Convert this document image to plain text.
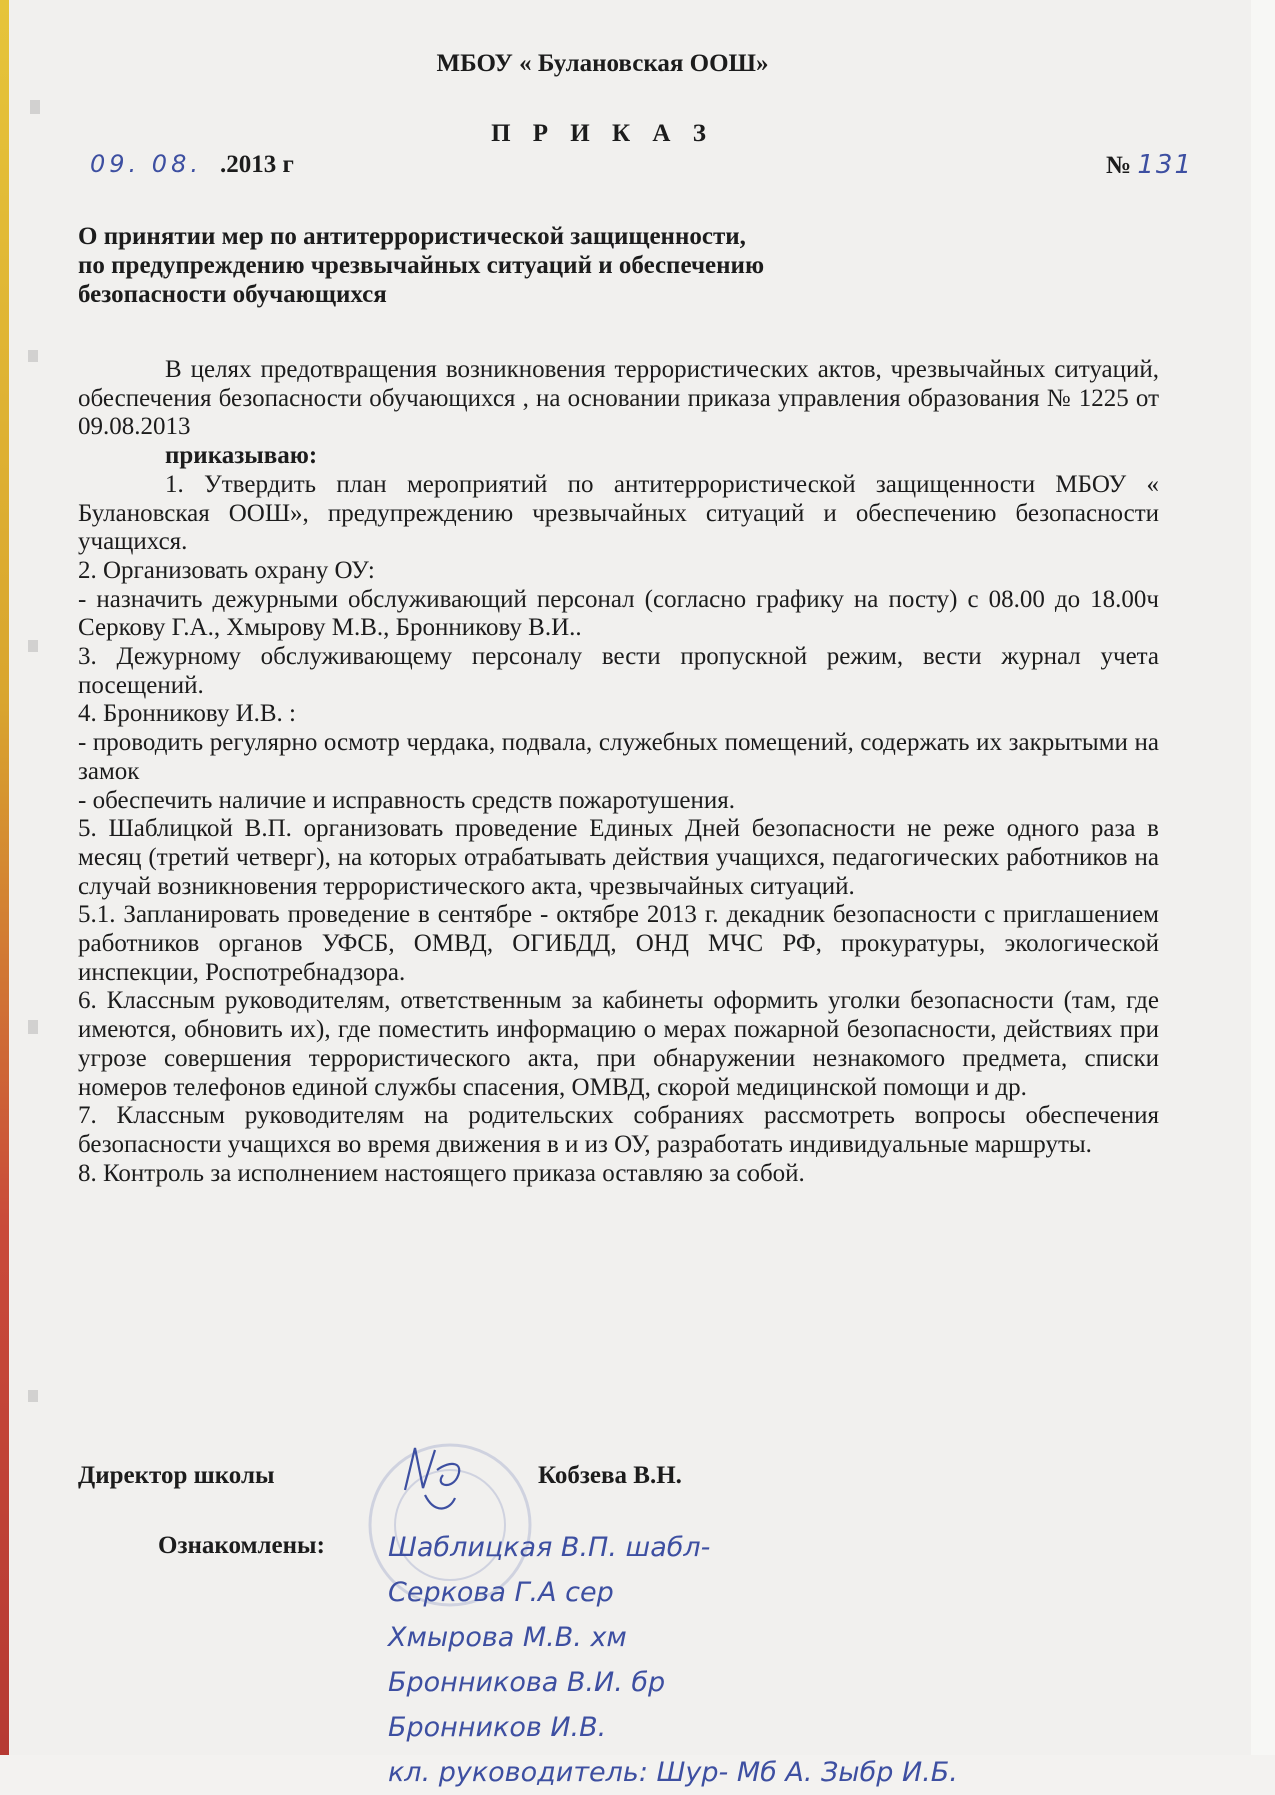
МБОУ « Булановская ООШ»
П Р И К А З
09. 08. .2013 г	№ 131
О принятии мер по антитеррористической защищенности,
по предупреждению чрезвычайных ситуаций и обеспечению
безопасности обучающихся

В целях предотвращения возникновения террористических актов, чрезвычайных ситуаций, обеспечения безопасности обучающихся , на основании приказа управления образования № 1225 от 09.08.2013

приказываю:

1. Утвердить план мероприятий по антитеррористической защищенности МБОУ « Булановская ООШ», предупреждению чрезвычайных ситуаций и обеспечению безопасности учащихся.

2. Организовать охрану ОУ:

- назначить дежурными обслуживающий персонал (согласно графику на посту) с 08.00 до 18.00ч Серкову Г.А., Хмырову М.В., Бронникову В.И..

3. Дежурному обслуживающему персоналу вести пропускной режим, вести журнал учета посещений.

4. Бронникову И.В. :

- проводить регулярно осмотр чердака, подвала, служебных помещений, содержать их закрытыми на замок

- обеспечить наличие и исправность средств пожаротушения.

5. Шаблицкой В.П. организовать проведение Единых Дней безопасности не реже одного раза в месяц (третий четверг), на которых отрабатывать действия учащихся, педагогических работников на случай возникновения террористического акта, чрезвычайных ситуаций.

5.1. Запланировать проведение в сентябре - октябре 2013 г. декадник безопасности с приглашением работников органов УФСБ, ОМВД, ОГИБДД, ОНД МЧС РФ, прокуратуры, экологической инспекции, Роспотребнадзора.

6. Классным руководителям, ответственным за кабинеты оформить уголки безопасности (там, где имеются, обновить их), где поместить информацию о мерах пожарной безопасности, действиях при угрозе совершения террористического акта, при обнаружении незнакомого предмета, списки номеров телефонов единой службы спасения, ОМВД, скорой медицинской помощи и др.

7. Классным руководителям на родительских собраниях рассмотреть вопросы обеспечения безопасности учащихся во время движения в и из ОУ, разработать индивидуальные маршруты.

8. Контроль за исполнением настоящего приказа оставляю за собой.

Директор школы	Кобзева В.Н.
Ознакомлены: Шаблицкая В.П. шабл-
Серкова Г.А сер
Хмырова М.В. хм
Бронникова В.И. бр
Бронников И.В.
кл. руководитель: Шур- Мб А. Зыбр И.Б.
